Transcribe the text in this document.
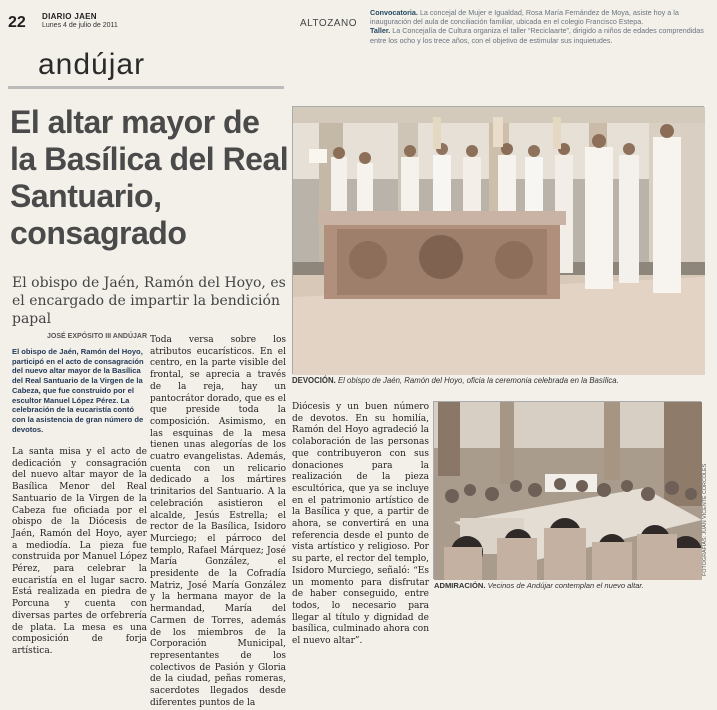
22 DIARIO JAEN
Lunes 4 de julio de 2011	ALTOZANO
Convocatoria. La concejal de Mujer e Igualdad, Rosa María Fernández de Moya, asiste hoy a la inauguración del aula de conciliación familiar, ubicada en el colegio Francisco Estepa.
Taller. La Concejalía de Cultura organiza el taller “Reciclaarte”, dirigido a niños de edades comprendidas entre los ocho y los trece años, con el objetivo de estimular sus inquietudes.
andújar
El altar mayor de la Basílica del Real Santuario, consagrado
El obispo de Jaén, Ramón del Hoyo, es el encargado de impartir la bendición papal
DEVOCIÓN. El obispo de Jaén, Ramón del Hoyo, oficia la ceremonia celebrada en la Basílica.
JOSÉ EXPÓSITO III ANDÚJAR
El obispo de Jaén, Ramón del Hoyo, participó en el acto de consagración del nuevo altar mayor de la Basílica del Real Santuario de la Virgen de la Cabeza, que fue construido por el escultor Manuel López Pérez. La celebración de la eucaristía contó con la asistencia de gran número de devotos.
La santa misa y el acto de dedicación y consagración del nuevo altar mayor de la Basílica Menor del Real Santuario de la Virgen de la Cabeza fue oficiada por el obispo de la Diócesis de Jaén, Ramón del Hoyo, ayer a mediodía. La pieza fue construida por Manuel López Pérez, para celebrar la eucaristía en el lugar sacro. Está realizada en piedra de Porcuna y cuenta con diversas partes de orfebrería de plata. La mesa es una composición de forja artística.
Toda versa sobre los atributos eucarísticos. En el centro, en la parte visible del frontal, se aprecia a través de la reja, hay un pantocrátor dorado, que es el que preside toda la composición. Asimismo, en las esquinas de la mesa tienen unas alegorías de los cuatro evangelistas. Además, cuenta con un relicario dedicado a los mártires trinitarios del Santuario. A la celebración asistieron el alcalde, Jesús Estrella; el rector de la Basílica, Isidoro Murciego; el párroco del templo, Rafael Márquez; José María González, el presidente de la Cofradía Matriz, José María González y la hermana mayor de la hermandad, María del Carmen de Torres, además de los miembros de la Corporación Municipal, representantes de los colectivos de Pasión y Gloria de la ciudad, peñas romeras, sacerdotes llegados desde diferentes puntos de la
Diócesis y un buen número de devotos. En su homilía, Ramón del Hoyo agradeció la colaboración de las personas que contribuyeron con sus donaciones para la realización de la pieza escultórica, que ya se incluye en el patrimonio artístico de la Basílica y que, a partir de ahora, se convertirá en una referencia desde el punto de vista artístico y religioso. Por su parte, el rector del templo, Isidoro Murciego, señaló: “Es un momento para disfrutar de haber conseguido, entre todos, lo necesario para llegar al título y dignidad de basílica, culminado ahora con el nuevo altar”.
FOTOGRAFÍAS: JUAN VICENTE CÓRCOLES
ADMIRACIÓN. Vecinos de Andújar contemplan el nuevo altar.
